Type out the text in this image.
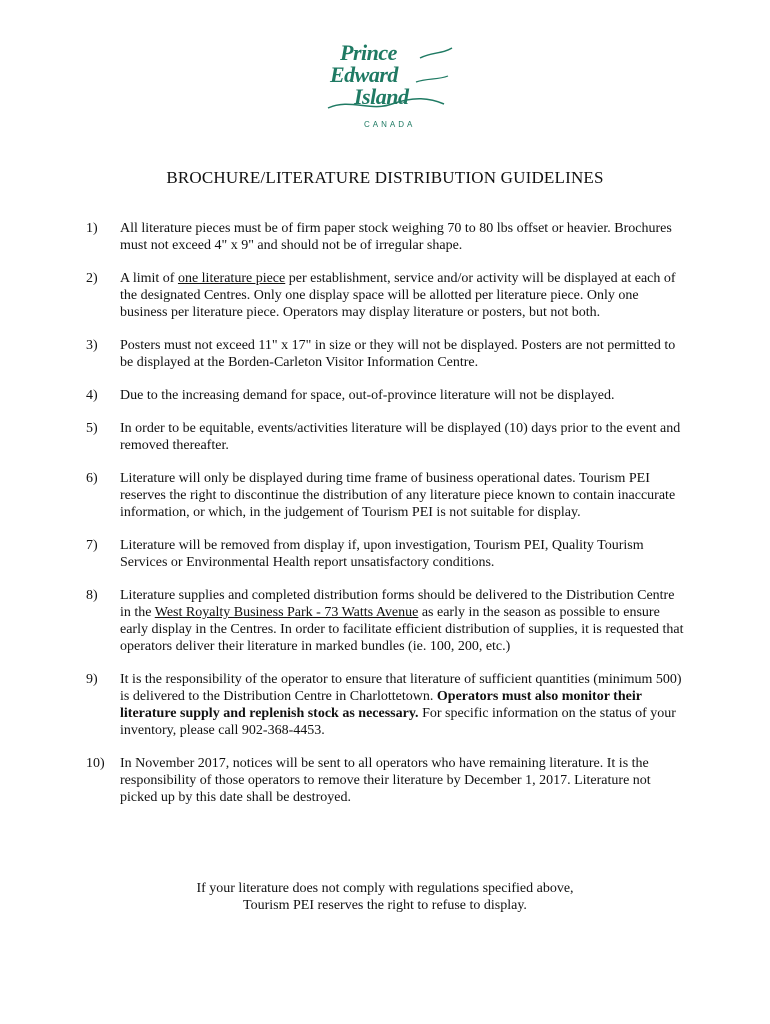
Prince
Edward
Island
CANADA
BROCHURE/LITERATURE DISTRIBUTION GUIDELINES
1) All literature pieces must be of firm paper stock weighing 70 to 80 lbs offset or heavier. Brochures must not exceed 4" x 9" and should not be of irregular shape.
2) A limit of one literature piece per establishment, service and/or activity will be displayed at each of the designated Centres. Only one display space will be allotted per literature piece. Only one business per literature piece. Operators may display literature or posters, but not both.
3) Posters must not exceed 11" x 17" in size or they will not be displayed. Posters are not permitted to be displayed at the Borden-Carleton Visitor Information Centre.
4) Due to the increasing demand for space, out-of-province literature will not be displayed.
5) In order to be equitable, events/activities literature will be displayed (10) days prior to the event and removed thereafter.
6) Literature will only be displayed during time frame of business operational dates. Tourism PEI reserves the right to discontinue the distribution of any literature piece known to contain inaccurate information, or which, in the judgement of Tourism PEI is not suitable for display.
7) Literature will be removed from display if, upon investigation, Tourism PEI, Quality Tourism Services or Environmental Health report unsatisfactory conditions.
8) Literature supplies and completed distribution forms should be delivered to the Distribution Centre in the West Royalty Business Park - 73 Watts Avenue as early in the season as possible to ensure early display in the Centres. In order to facilitate efficient distribution of supplies, it is requested that operators deliver their literature in marked bundles (ie. 100, 200, etc.)
9) It is the responsibility of the operator to ensure that literature of sufficient quantities (minimum 500) is delivered to the Distribution Centre in Charlottetown. Operators must also monitor their literature supply and replenish stock as necessary. For specific information on the status of your inventory, please call 902-368-4453.
10) In November 2017, notices will be sent to all operators who have remaining literature. It is the responsibility of those operators to remove their literature by December 1, 2017. Literature not picked up by this date shall be destroyed.
If your literature does not comply with regulations specified above,
Tourism PEI reserves the right to refuse to display.
